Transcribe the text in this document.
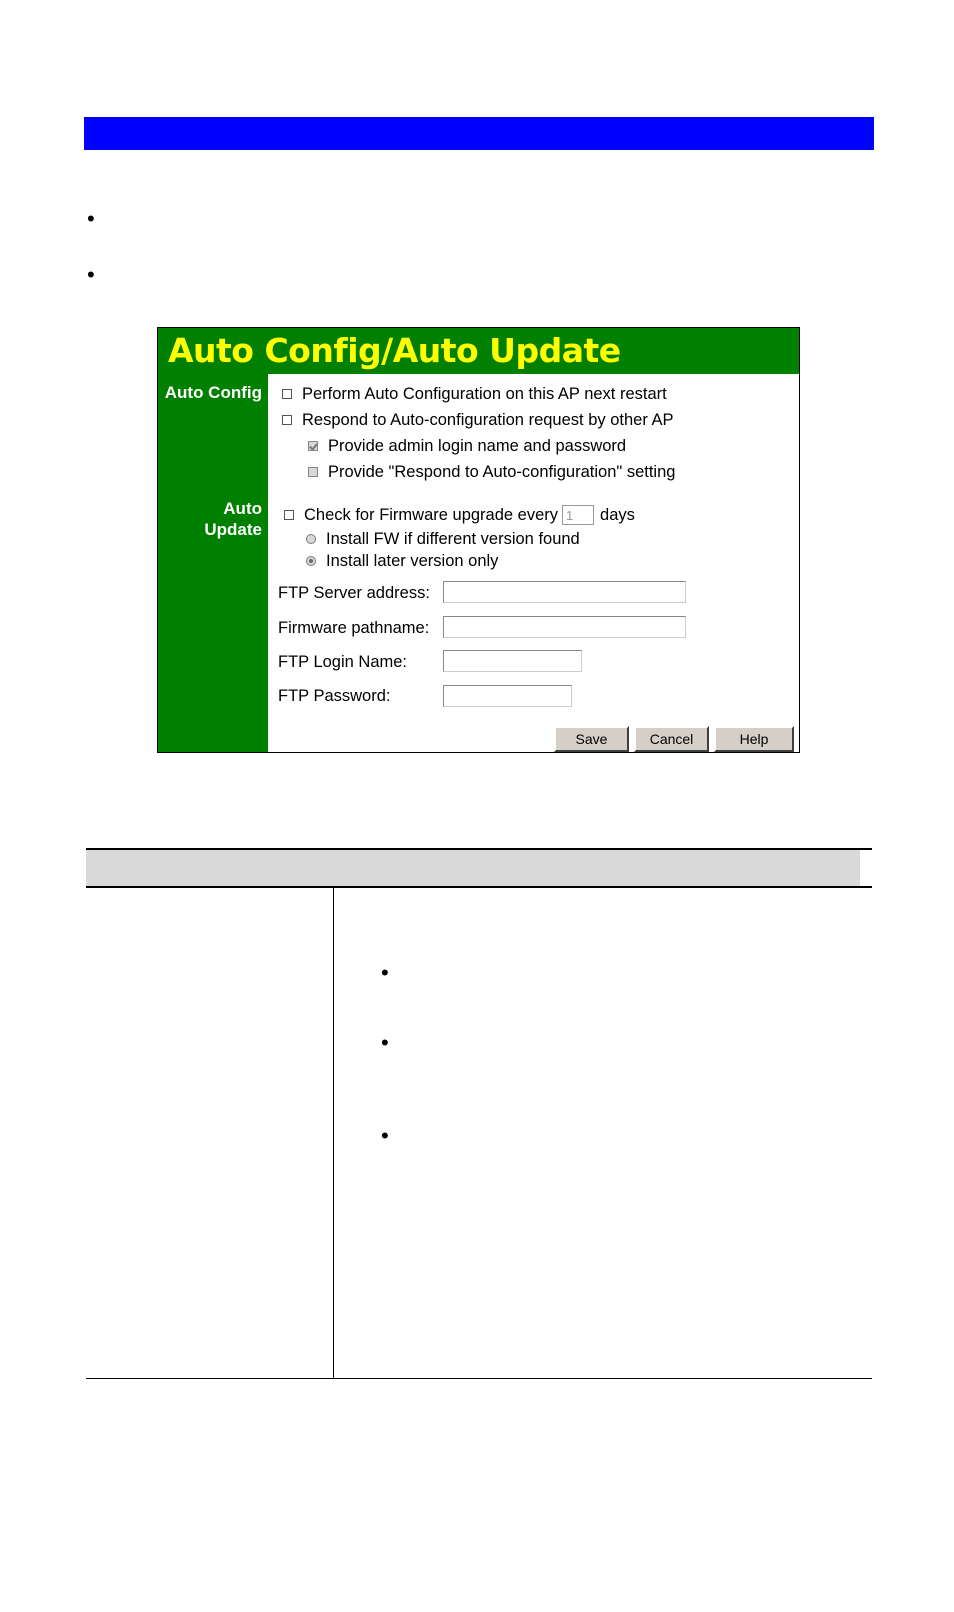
•
•
Auto Config/Auto Update
Auto Config
Auto
Update
Perform Auto Configuration on this AP next restart
Respond to Auto-configuration request by other AP
Provide admin login name and password
Provide "Respond to Auto-configuration" setting
Check for Firmware upgrade every
1	days
Install FW if different version found
Install later version only
FTP Server address:
Firmware pathname:
FTP Login Name:
FTP Password:
Save	Cancel	Help
•
•
•
